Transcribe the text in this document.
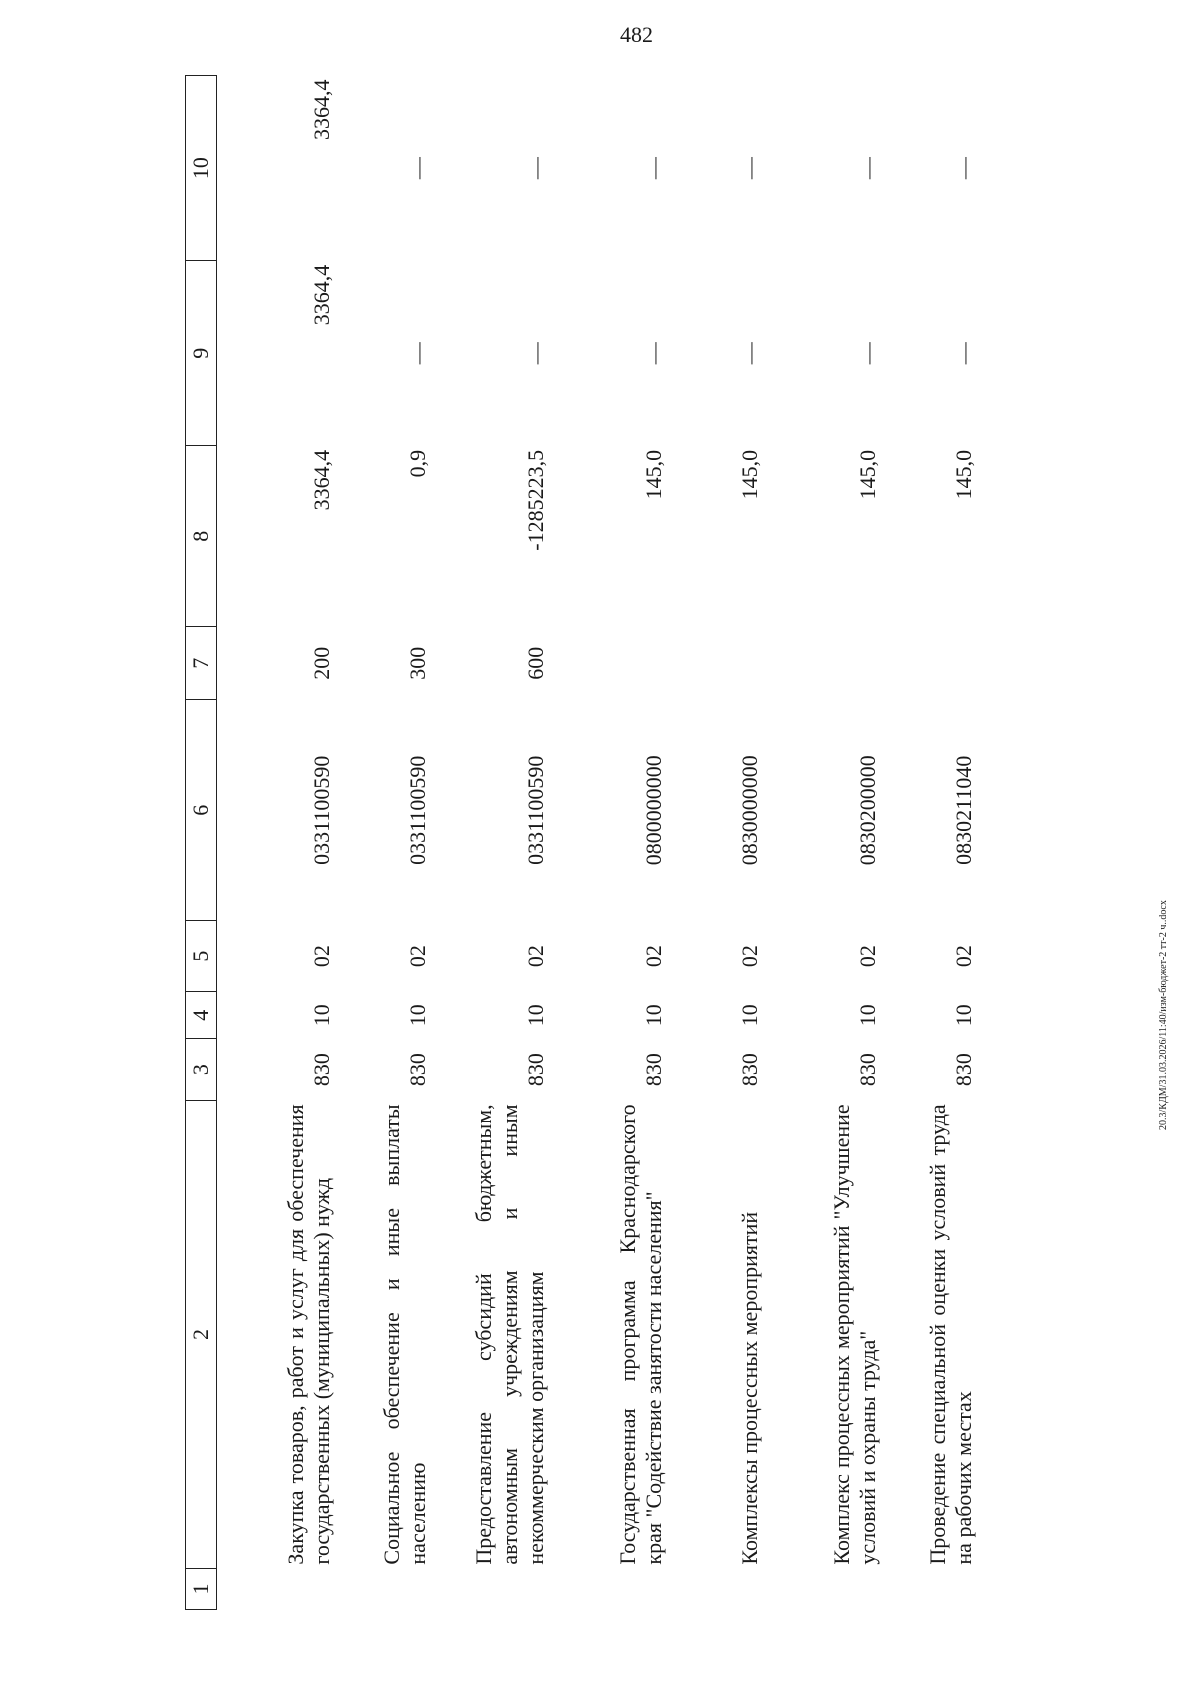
482
1	2	3	4	5	6	7	8	9	10
	Закупка товаров, работ и услуг для обеспечения государственных (муниципальных) нужд	830	10	02	0331100590	200	3364,4	3364,4	3364,4
	Социальное обеспечение и иные выплаты населению	830	10	02	0331100590	300	0,9	—	—
	Предоставление субсидий бюджетным, автономным учреждениям и иным некоммерческим организациям	830	10	02	0331100590	600	-1285223,5	—	—
	Государственная программа Краснодарского края "Содействие занятости населения"	830	10	02	0800000000		145,0	—	—
	Комплексы процессных мероприятий	830	10	02	0830000000		145,0	—	—
	Комплекс процессных мероприятий "Улучшение условий и охраны труда"	830	10	02	0830200000		145,0	—	—
	Проведение специальной оценки условий труда на рабочих местах	830	10	02	0830211040		145,0	—	—
20.3/КДМ/31.03.2026/11:40/изм-бюджет-2 тт-2 ч..docx
